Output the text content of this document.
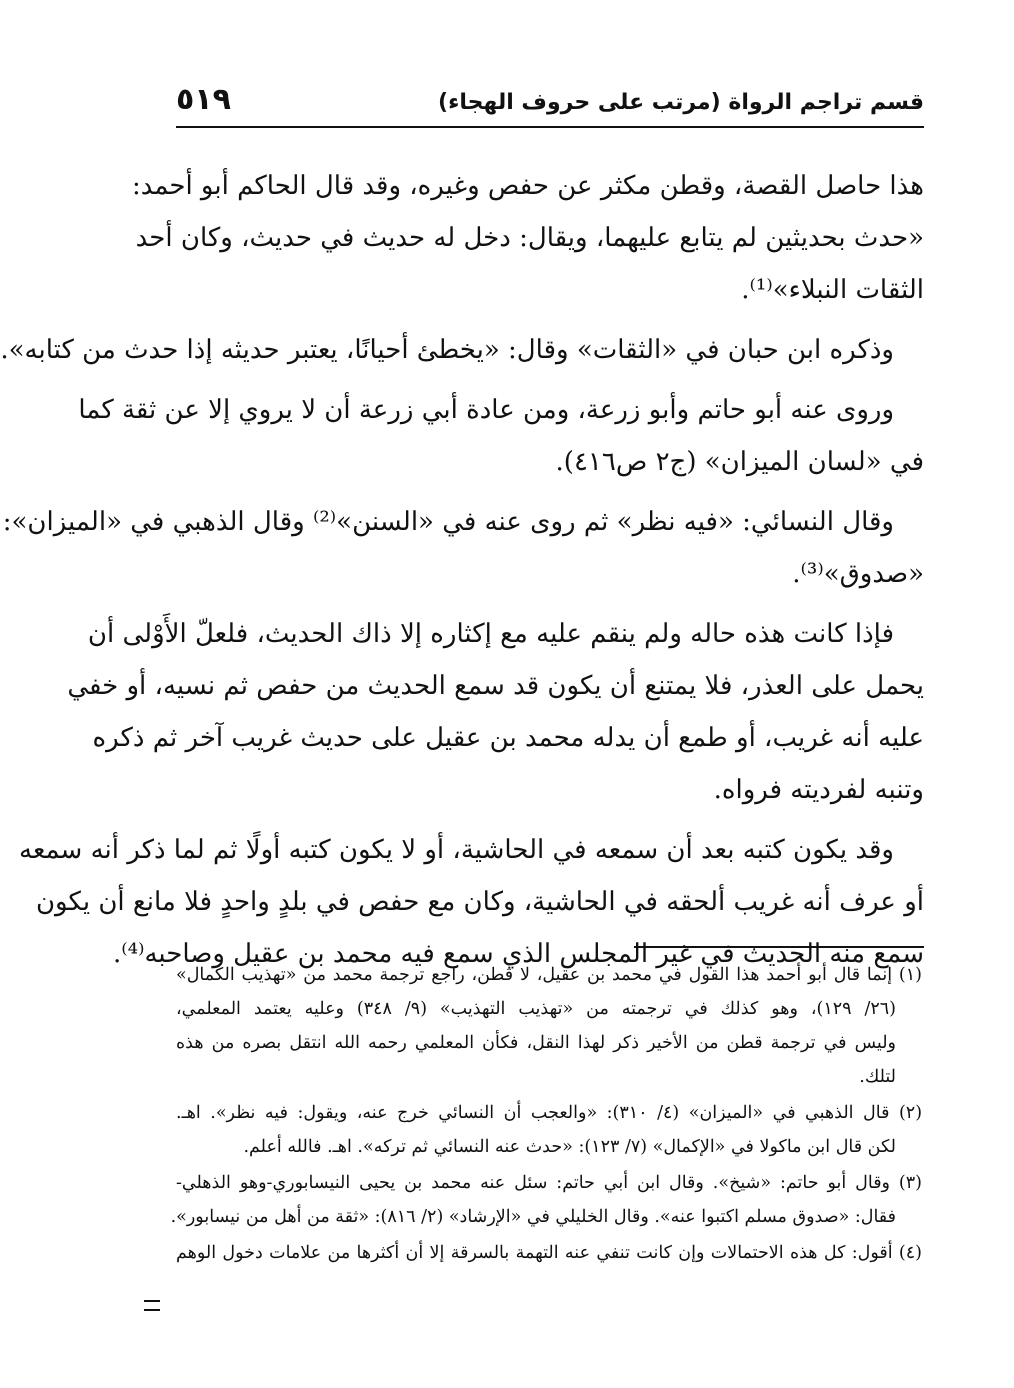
قسم تراجم الرواة (مرتب على حروف الهجاء)
٥١٩
هذا حاصل القصة، وقطن مكثر عن حفص وغيره، وقد قال الحاكم أبو أحمد:
«حدث بحديثين لم يتابع عليهما، ويقال: دخل له حديث في حديث، وكان أحد
الثقات النبلاء»⁽¹⁾.
وذكره ابن حبان في «الثقات» وقال: «يخطئ أحيانًا، يعتبر حديثه إذا حدث من كتابه».
وروى عنه أبو حاتم وأبو زرعة، ومن عادة أبي زرعة أن لا يروي إلا عن ثقة كما
في «لسان الميزان» (ج٢ ص٤١٦).
وقال النسائي: «فيه نظر» ثم روى عنه في «السنن»⁽²⁾ وقال الذهبي في «الميزان»:
«صدوق»⁽³⁾.
فإذا كانت هذه حاله ولم ينقم عليه مع إكثاره إلا ذاك الحديث، فلعلّ الأَوْلى أن
يحمل على العذر، فلا يمتنع أن يكون قد سمع الحديث من حفص ثم نسيه، أو خفي
عليه أنه غريب، أو طمع أن يدله محمد بن عقيل على حديث غريب آخر ثم ذكره
وتنبه لفرديته فرواه.
وقد يكون كتبه بعد أن سمعه في الحاشية، أو لا يكون كتبه أولًا ثم لما ذكر أنه سمعه
أو عرف أنه غريب ألحقه في الحاشية، وكان مع حفص في بلدٍ واحدٍ فلا مانع أن يكون
سمع منه الحديث في غير المجلس الذي سمع فيه محمد بن عقيل وصاحبه⁽⁴⁾.
(١) إنما قال أبو أحمد هذا القول في محمد بن عقيل، لا قطن، راجع ترجمة محمد من «تهذيب الكمال»
(٢٦/ ١٢٩)، وهو كذلك في ترجمته من «تهذيب التهذيب» (٩/ ٣٤٨) وعليه يعتمد المعلمي،
وليس في ترجمة قطن من الأخير ذكر لهذا النقل، فكأن المعلمي رحمه الله انتقل بصره من هذه
لتلك.
(٢) قال الذهبي في «الميزان» (٤/ ٣١٠): «والعجب أن النسائي خرج عنه، ويقول: فيه نظر». اهـ.
لكن قال ابن ماكولا في «الإكمال» (٧/ ١٢٣): «حدث عنه النسائي ثم تركه». اهـ. فالله أعلم.
(٣) وقال أبو حاتم: «شيخ». وقال ابن أبي حاتم: سئل عنه محمد بن يحيى النيسابوري-وهو الذهلي-
فقال: «صدوق مسلم اكتبوا عنه». وقال الخليلي في «الإرشاد» (٢/ ٨١٦): «ثقة من أهل من نيسابور».
(٤) أقول: كل هذه الاحتمالات وإن كانت تنفي عنه التهمة بالسرقة إلا أن أكثرها من علامات دخول الوهم
